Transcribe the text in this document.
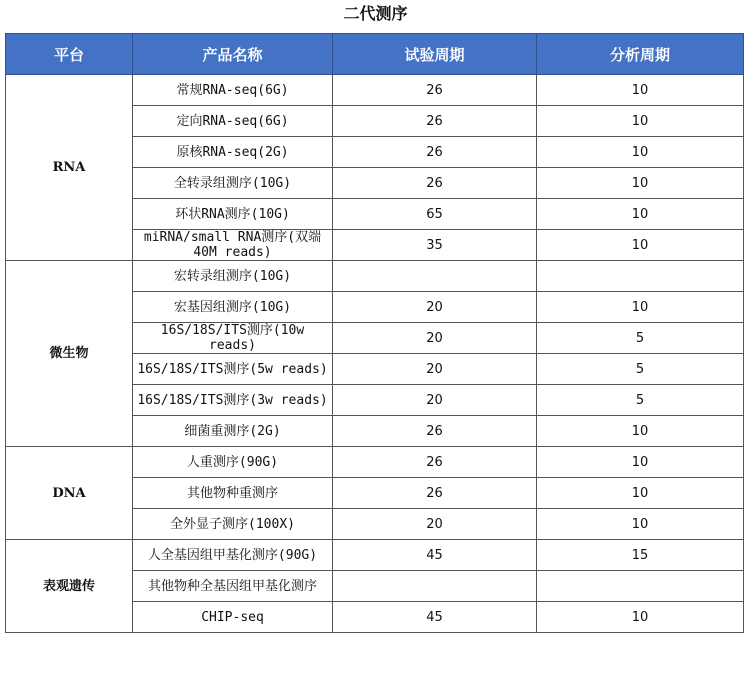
二代测序
平台	产品名称	试验周期	分析周期
RNA	常规RNA-seq(6G)	26	10
	定向RNA-seq(6G)	26	10
	原核RNA-seq(2G)	26	10
	全转录组测序(10G)	26	10
	环状RNA测序(10G)	65	10
	miRNA/small RNA测序(双端40M reads)	35	10
微生物	宏转录组测序(10G)		
	宏基因组测序(10G)	20	10
	16S/18S/ITS测序(10w reads)	20	5
	16S/18S/ITS测序(5w reads)	20	5
	16S/18S/ITS测序(3w reads)	20	5
	细菌重测序(2G)	26	10
DNA	人重测序(90G)	26	10
	其他物种重测序	26	10
	全外显子测序(100X)	20	10
表观遗传	人全基因组甲基化测序(90G)	45	15
	其他物种全基因组甲基化测序		
	CHIP-seq	45	10
